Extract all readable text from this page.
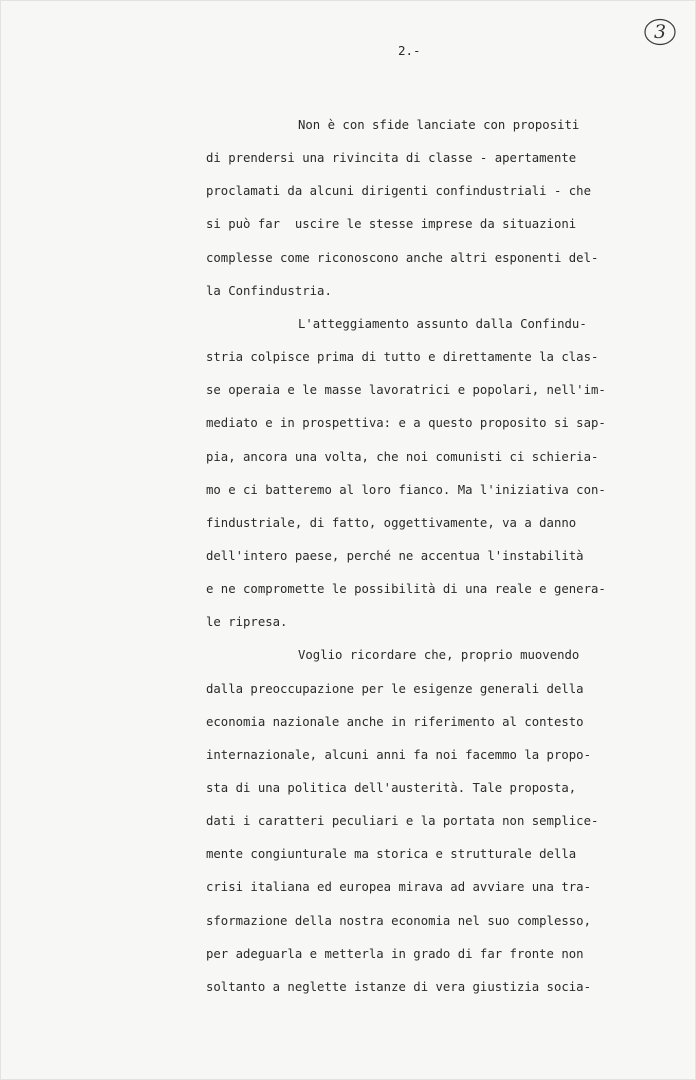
3
2.-
Non è con sfide lanciate con propositi
di prendersi una rivincita di classe - apertamente
proclamati da alcuni dirigenti confindustriali - che
si può far  uscire le stesse imprese da situazioni
complesse come riconoscono anche altri esponenti del-
la Confindustria.
L'atteggiamento assunto dalla Confindu-
stria colpisce prima di tutto e direttamente la clas-
se operaia e le masse lavoratrici e popolari, nell'im-
mediato e in prospettiva: e a questo proposito si sap-
pia, ancora una volta, che noi comunisti ci schieria-
mo e ci batteremo al loro fianco. Ma l'iniziativa con-
findustriale, di fatto, oggettivamente, va a danno
dell'intero paese, perché ne accentua l'instabilità
e ne compromette le possibilità di una reale e genera-
le ripresa.
Voglio ricordare che, proprio muovendo
dalla preoccupazione per le esigenze generali della
economia nazionale anche in riferimento al contesto
internazionale, alcuni anni fa noi facemmo la propo-
sta di una politica dell'austerità. Tale proposta,
dati i caratteri peculiari e la portata non semplice-
mente congiunturale ma storica e strutturale della
crisi italiana ed europea mirava ad avviare una tra-
sformazione della nostra economia nel suo complesso,
per adeguarla e metterla in grado di far fronte non
soltanto a neglette istanze di vera giustizia socia-
